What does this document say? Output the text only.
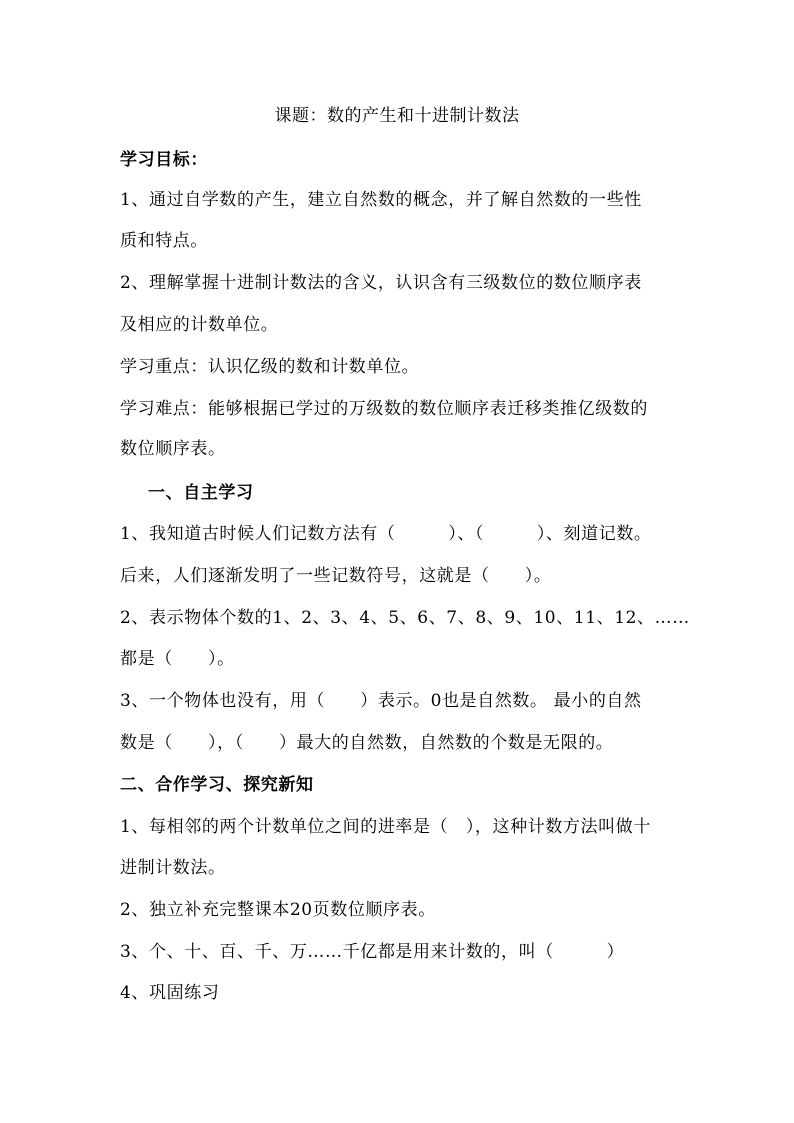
课题：数的产生和十进制计数法
学习目标：
1、通过自学数的产生，建立自然数的概念，并了解自然数的一些性
质和特点。
2、理解掌握十进制计数法的含义，认识含有三级数位的数位顺序表
及相应的计数单位。
学习重点：认识亿级的数和计数单位。
学习难点：能够根据已学过的万级数的数位顺序表迁移类推亿级数的
数位顺序表。
一、自主学习
1、我知道古时候人们记数方法有（　　　）、（　　　）、刻道记数。
后来，人们逐渐发明了一些记数符号，这就是（　　）。
2、表示物体个数的1、2、3、4、5、6、7、8、9、10、11、12、……
都是（　　）。
3、一个物体也没有，用（　　）表示。0也是自然数。 最小的自然
数是（　　），（　　）最大的自然数，自然数的个数是无限的。
二、合作学习、探究新知
1、每相邻的两个计数单位之间的进率是（　），这种计数方法叫做十
进制计数法。
2、独立补充完整课本20页数位顺序表。
3、个、十、百、千、万……千亿都是用来计数的，叫（　　　）
4、巩固练习
